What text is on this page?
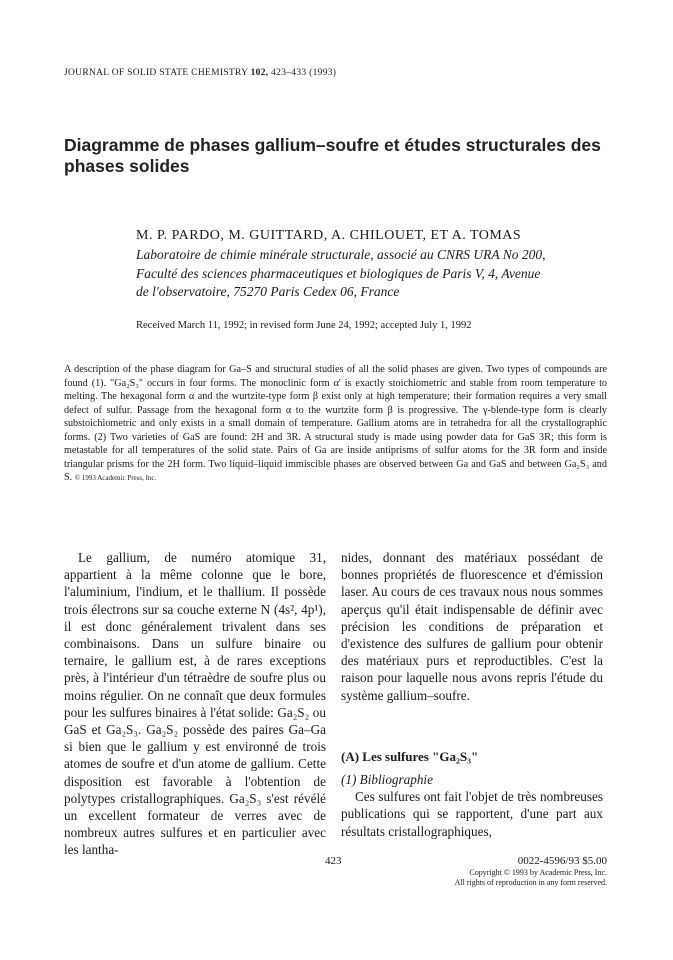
JOURNAL OF SOLID STATE CHEMISTRY 102, 423–433 (1993)
Diagramme de phases gallium–soufre et études structurales des phases solides
M. P. PARDO, M. GUITTARD, A. CHILOUET, ET A. TOMAS
Laboratoire de chimie minérale structurale, associé au CNRS URA No 200,
Faculté des sciences pharmaceutiques et biologiques de Paris V, 4, Avenue
de l'observatoire, 75270 Paris Cedex 06, France
Received March 11, 1992; in revised form June 24, 1992; accepted July 1, 1992
A description of the phase diagram for Ga–S and structural studies of all the solid phases are given. Two types of compounds are found (1). "Ga₂S₃" occurs in four forms. The monoclinic form α' is exactly stoichiometric and stable from room temperature to melting. The hexagonal form α and the wurtzite-type form β exist only at high temperature; their formation requires a very small defect of sulfur. Passage from the hexagonal form α to the wurtzite form β is progressive. The γ-blende-type form is clearly substoichiometric and only exists in a small domain of temperature. Gallium atoms are in tetrahedra for all the crystallographic forms. (2) Two varieties of GaS are found: 2H and 3R. A structural study is made using powder data for GaS 3R; this form is metastable for all temperatures of the solid state. Pairs of Ga are inside antiprisms of sulfur atoms for the 3R form and inside triangular prisms for the 2H form. Two liquid–liquid immiscible phases are observed between Ga and GaS and between Ga₂S₃ and S. © 1993 Academic Press, Inc.

Le gallium, de numéro atomique 31, appartient à la même colonne que le bore, l'aluminium, l'indium, et le thallium. Il possède trois électrons sur sa couche externe N (4s², 4p¹), il est donc généralement trivalent dans ses combinaisons. Dans un sulfure binaire ou ternaire, le gallium est, à de rares exceptions près, à l'intérieur d'un tétraèdre de soufre plus ou moins régulier. On ne connaît que deux formules pour les sulfures binaires à l'état solide: Ga₂S₂ ou GaS et Ga₂S₃. Ga₂S₂ possède des paires Ga–Ga si bien que le gallium y est environné de trois atomes de soufre et d'un atome de gallium. Cette disposition est favorable à l'obtention de polytypes cristallographiques. Ga₂S₃ s'est révélé un excellent formateur de verres avec de nombreux autres sulfures et en particulier avec les lantha-

nides, donnant des matériaux possédant de bonnes propriétés de fluorescence et d'émission laser. Au cours de ces travaux nous nous sommes aperçus qu'il était indispensable de définir avec précision les conditions de préparation et d'existence des sulfures de gallium pour obtenir des matériaux purs et reproductibles. C'est la raison pour laquelle nous avons repris l'étude du système gallium–soufre.

(A) Les sulfures "Ga₂S₃"

(1) Bibliographie

Ces sulfures ont fait l'objet de très nombreuses publications qui se rapportent, d'une part aux résultats cristallographiques,

423	0022-4596/93 $5.00
Copyright © 1993 by Academic Press, Inc.
All rights of reproduction in any form reserved.
